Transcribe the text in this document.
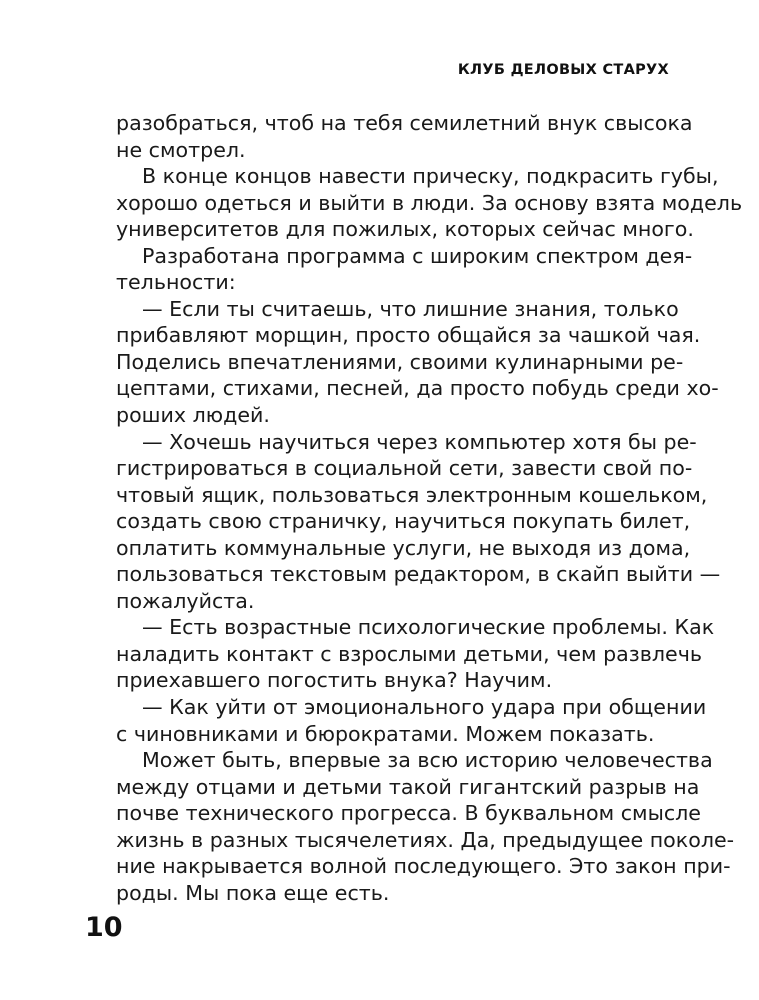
КЛУБ ДЕЛОВЫХ СТАРУХ
разобраться, чтоб на тебя семилетний внук свысока
не смотрел.
В конце концов навести прическу, подкрасить губы,
хорошо одеться и выйти в люди. За основу взята модель
университетов для пожилых, которых сейчас много.
Разработана программа с широким спектром дея-
тельности:
— Если ты считаешь, что лишние знания, только
прибавляют морщин, просто общайся за чашкой чая.
Поделись впечатлениями, своими кулинарными ре-
цептами, стихами, песней, да просто побудь среди хо-
роших людей.
— Хочешь научиться через компьютер хотя бы ре-
гистрироваться в социальной сети, завести свой по-
чтовый ящик, пользоваться электронным кошельком,
создать свою страничку, научиться покупать билет,
оплатить коммунальные услуги, не выходя из дома,
пользоваться текстовым редактором, в скайп выйти —
пожалуйста.
— Есть возрастные психологические проблемы. Как
наладить контакт с взрослыми детьми, чем развлечь
приехавшего погостить внука? Научим.
— Как уйти от эмоционального удара при общении
с чиновниками и бюрократами. Можем показать.
Может быть, впервые за всю историю человечества
между отцами и детьми такой гигантский разрыв на
почве технического прогресса. В буквальном смысле
жизнь в разных тысячелетиях. Да, предыдущее поколе-
ние накрывается волной последующего. Это закон при-
роды. Мы пока еще есть.
10
